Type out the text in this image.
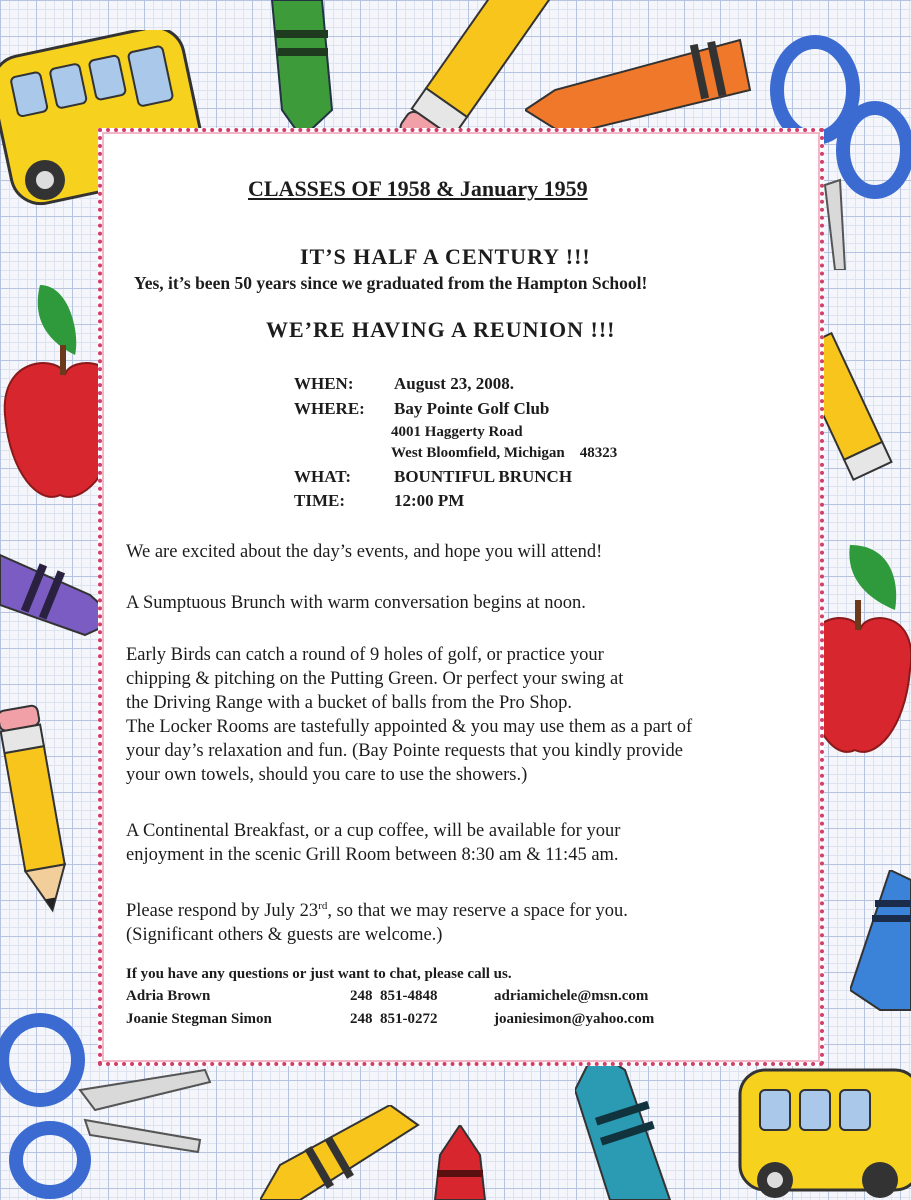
CLASSES OF 1958 & January 1959
IT’S HALF A CENTURY !!!
Yes, it’s been 50 years since we graduated from the Hampton School!
WE’RE HAVING A REUNION !!!
WHEN: August 23, 2008.
WHERE: Bay Pointe Golf Club
4001 Haggerty Road
West Bloomfield, Michigan    48323
WHAT:	BOUNTIFUL BRUNCH
TIME:	12:00 PM
We are excited about the day’s events, and hope you will attend!
A Sumptuous Brunch with warm conversation begins at noon.
Early Birds can catch a round of 9 holes of golf, or practice your
chipping & pitching on the Putting Green. Or perfect your swing at
the Driving Range with a bucket of balls from the Pro Shop.
The Locker Rooms are tastefully appointed & you may use them as a part of
your day’s relaxation and fun. (Bay Pointe requests that you kindly provide
your own towels, should you care to use the showers.)
A Continental Breakfast, or a cup coffee, will be available for your
enjoyment in the scenic Grill Room between 8:30 am & 11:45 am.
Please respond by July 23rd, so that we may reserve a space for you.
(Significant others & guests are welcome.)
If you have any questions or just want to chat, please call us.
Adria Brown	248  851-4848	adriamichele@msn.com
Joanie Stegman Simon	248  851-0272	joaniesimon@yahoo.com
